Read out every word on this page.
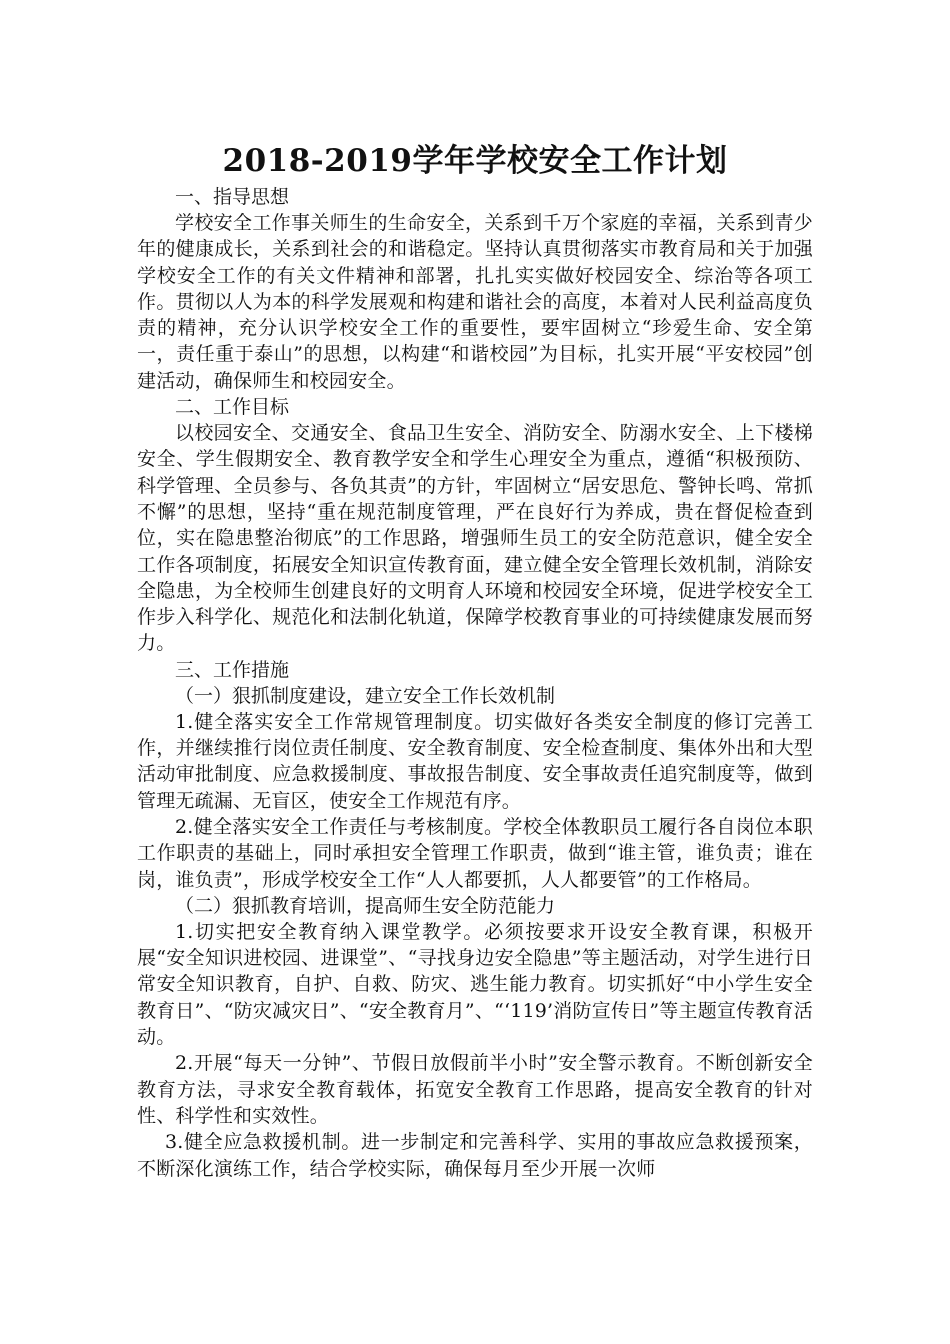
2018-2019学年学校安全工作计划

一、指导思想

学校安全工作事关师生的生命安全，关系到千万个家庭的幸福，关系到青少年的健康成长，关系到社会的和谐稳定。坚持认真贯彻落实市教育局和关于加强学校安全工作的有关文件精神和部署，扎扎实实做好校园安全、综治等各项工作。贯彻以人为本的科学发展观和构建和谐社会的高度，本着对人民利益高度负责的精神，充分认识学校安全工作的重要性，要牢固树立“珍爱生命、安全第一，责任重于泰山”的思想，以构建“和谐校园”为目标，扎实开展“平安校园”创建活动，确保师生和校园安全。

二、工作目标

以校园安全、交通安全、食品卫生安全、消防安全、防溺水安全、上下楼梯安全、学生假期安全、教育教学安全和学生心理安全为重点，遵循“积极预防、科学管理、全员参与、各负其责”的方针，牢固树立“居安思危、警钟长鸣、常抓不懈”的思想，坚持“重在规范制度管理，严在良好行为养成，贵在督促检查到位，实在隐患整治彻底”的工作思路，增强师生员工的安全防范意识，健全安全工作各项制度，拓展安全知识宣传教育面，建立健全安全管理长效机制，消除安全隐患，为全校师生创建良好的文明育人环境和校园安全环境，促进学校安全工作步入科学化、规范化和法制化轨道，保障学校教育事业的可持续健康发展而努力。

三、工作措施

（一）狠抓制度建设，建立安全工作长效机制

1.健全落实安全工作常规管理制度。切实做好各类安全制度的修订完善工作，并继续推行岗位责任制度、安全教育制度、安全检查制度、集体外出和大型活动审批制度、应急救援制度、事故报告制度、安全事故责任追究制度等，做到管理无疏漏、无盲区，使安全工作规范有序。

2.健全落实安全工作责任与考核制度。学校全体教职员工履行各自岗位本职工作职责的基础上，同时承担安全管理工作职责，做到“谁主管，谁负责；谁在岗，谁负责”，形成学校安全工作“人人都要抓，人人都要管”的工作格局。

（二）狠抓教育培训，提高师生安全防范能力

1.切实把安全教育纳入课堂教学。必须按要求开设安全教育课，积极开展“安全知识进校园、进课堂”、“寻找身边安全隐患”等主题活动，对学生进行日常安全知识教育，自护、自救、防灾、逃生能力教育。切实抓好“中小学生安全教育日”、“防灾减灾日”、“安全教育月”、“‘119’消防宣传日”等主题宣传教育活动。

2.开展“每天一分钟”、节假日放假前半小时”安全警示教育。不断创新安全教育方法，寻求安全教育载体，拓宽安全教育工作思路，提高安全教育的针对性、科学性和实效性。

3.健全应急救援机制。进一步制定和完善科学、实用的事故应急救援预案，不断深化演练工作，结合学校实际，确保每月至少开展一次师
